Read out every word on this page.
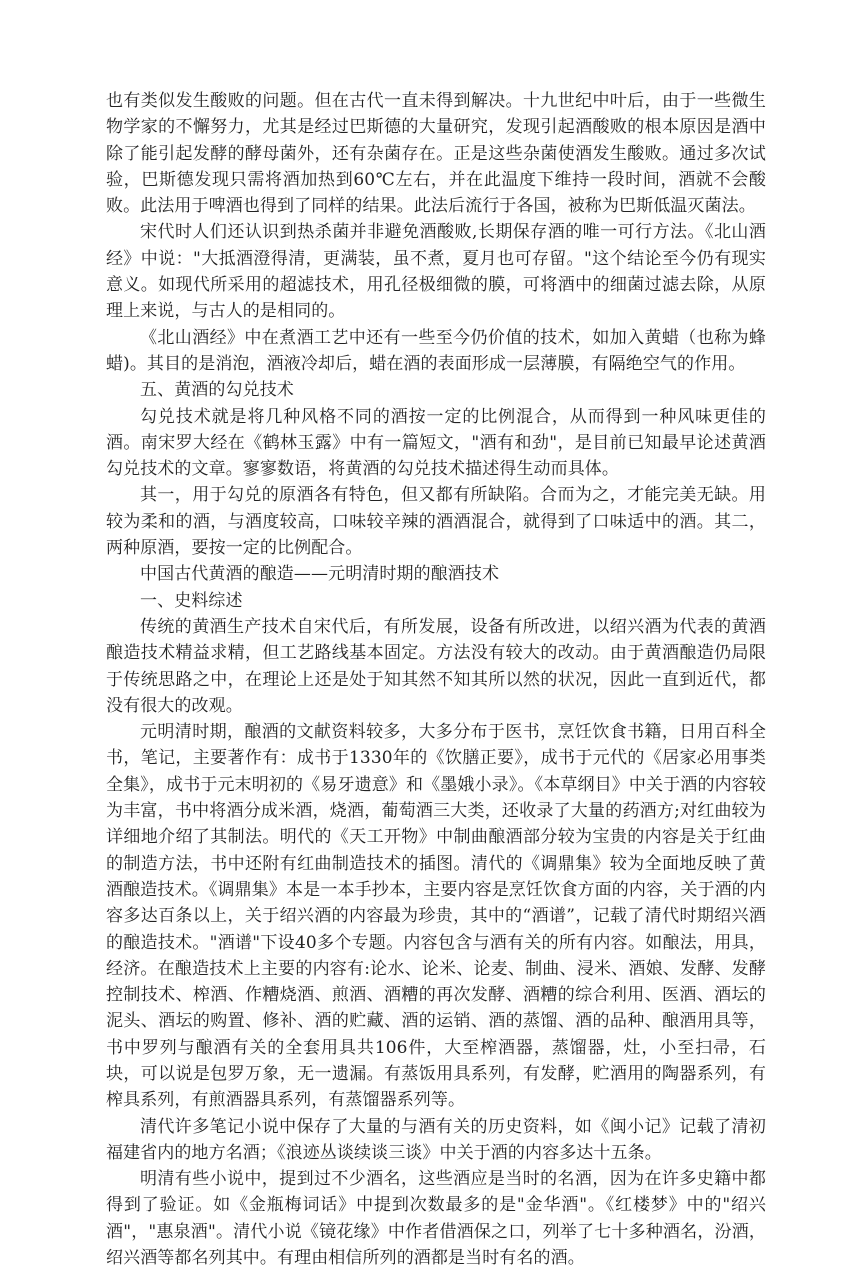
也有类似发生酸败的问题。但在古代一直未得到解决。十九世纪中叶后，由于一些微生物学家的不懈努力，尤其是经过巴斯德的大量研究，发现引起酒酸败的根本原因是酒中除了能引起发酵的酵母菌外，还有杂菌存在。正是这些杂菌使酒发生酸败。通过多次试验，巴斯德发现只需将酒加热到60℃左右，并在此温度下维持一段时间，酒就不会酸败。此法用于啤酒也得到了同样的结果。此法后流行于各国，被称为巴斯低温灭菌法。

宋代时人们还认识到热杀菌并非避免酒酸败,长期保存酒的唯一可行方法。《北山酒经》中说："大抵酒澄得清，更满装，虽不煮，夏月也可存留。"这个结论至今仍有现实意义。如现代所采用的超滤技术，用孔径极细微的膜，可将酒中的细菌过滤去除，从原理上来说，与古人的是相同的。

《北山酒经》中在煮酒工艺中还有一些至今仍价值的技术，如加入黄蜡（也称为蜂蜡)。其目的是消泡，酒液冷却后，蜡在酒的表面形成一层薄膜，有隔绝空气的作用。

五、黄酒的勾兑技术

勾兑技术就是将几种风格不同的酒按一定的比例混合，从而得到一种风味更佳的酒。南宋罗大经在《鹤林玉露》中有一篇短文，"酒有和劲"，是目前已知最早论述黄酒勾兑技术的文章。寥寥数语，将黄酒的勾兑技术描述得生动而具体。

其一，用于勾兑的原酒各有特色，但又都有所缺陷。合而为之，才能完美无缺。用较为柔和的酒，与酒度较高，口味较辛辣的酒酒混合，就得到了口味适中的酒。其二，两种原酒，要按一定的比例配合。

中国古代黄酒的酿造——元明清时期的酿酒技术

一、史料综述

传统的黄酒生产技术自宋代后，有所发展，设备有所改进，以绍兴酒为代表的黄酒酿造技术精益求精，但工艺路线基本固定。方法没有较大的改动。由于黄酒酿造仍局限于传统思路之中，在理论上还是处于知其然不知其所以然的状况，因此一直到近代，都没有很大的改观。

元明清时期，酿酒的文献资料较多，大多分布于医书，烹饪饮食书籍，日用百科全书，笔记，主要著作有：成书于1330年的《饮膳正要》，成书于元代的《居家必用事类全集》，成书于元末明初的《易牙遗意》和《墨娥小录》。《本草纲目》中关于酒的内容较为丰富，书中将酒分成米酒，烧酒，葡萄酒三大类，还收录了大量的药酒方;对红曲较为详细地介绍了其制法。明代的《天工开物》中制曲酿酒部分较为宝贵的内容是关于红曲的制造方法，书中还附有红曲制造技术的插图。清代的《调鼎集》较为全面地反映了黄酒酿造技术。《调鼎集》本是一本手抄本，主要内容是烹饪饮食方面的内容，关于酒的内容多达百条以上，关于绍兴酒的内容最为珍贵，其中的“酒谱”，记载了清代时期绍兴酒的酿造技术。"酒谱"下设40多个专题。内容包含与酒有关的所有内容。如酿法，用具，经济。在酿造技术上主要的内容有:论水、论米、论麦、制曲、浸米、酒娘、发酵、发酵控制技术、榨酒、作糟烧酒、煎酒、酒糟的再次发酵、酒糟的综合利用、医酒、酒坛的泥头、酒坛的购置、修补、酒的贮藏、酒的运销、酒的蒸馏、酒的品种、酿酒用具等，书中罗列与酿酒有关的全套用具共106件，大至榨酒器，蒸馏器，灶，小至扫帚，石块，可以说是包罗万象，无一遗漏。有蒸饭用具系列，有发酵，贮酒用的陶器系列，有榨具系列，有煎酒器具系列，有蒸馏器系列等。

清代许多笔记小说中保存了大量的与酒有关的历史资料，如《闽小记》记载了清初福建省内的地方名酒；《浪迹丛谈续谈三谈》中关于酒的内容多达十五条。

明清有些小说中，提到过不少酒名，这些酒应是当时的名酒，因为在许多史籍中都得到了验证。如《金瓶梅词话》中提到次数最多的是"金华酒"。《红楼梦》中的"绍兴酒"，"惠泉酒"。清代小说《镜花缘》中作者借酒保之口，列举了七十多种酒名，汾酒，绍兴酒等都名列其中。有理由相信所列的酒都是当时有名的酒。
